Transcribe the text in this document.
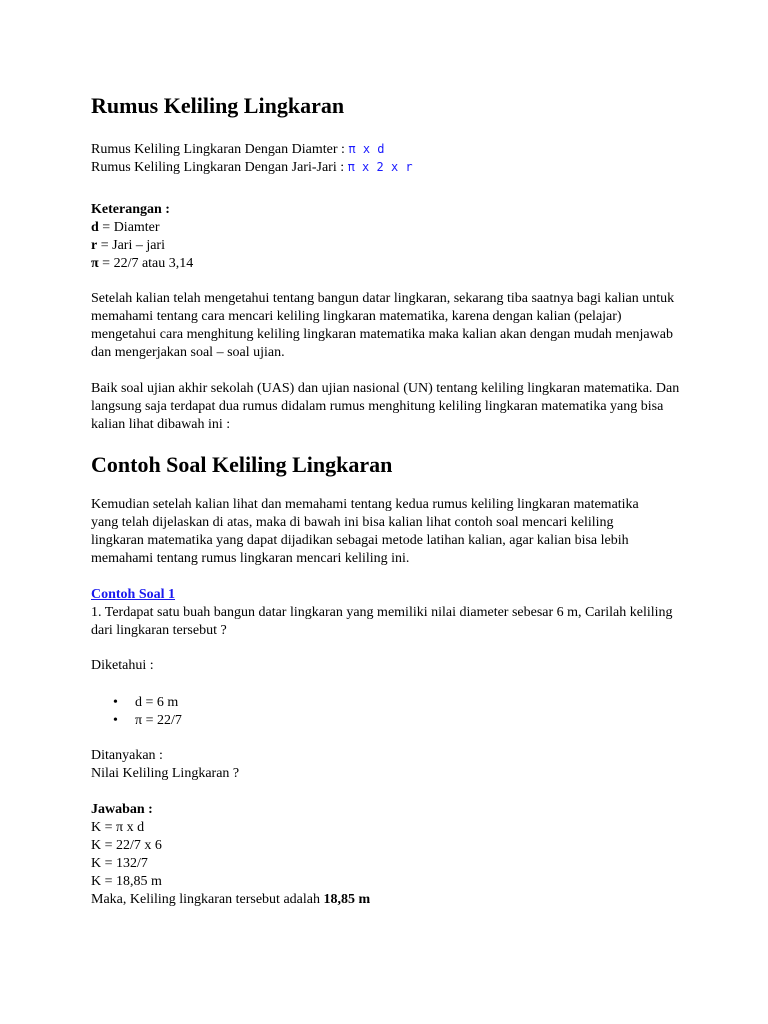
Rumus Keliling Lingkaran
Rumus Keliling Lingkaran Dengan Diamter : π x d
Rumus Keliling Lingkaran Dengan Jari-Jari : π x 2 x r
Keterangan :
d = Diamter
r = Jari – jari
π = 22/7 atau 3,14
Setelah kalian telah mengetahui tentang bangun datar lingkaran, sekarang tiba saatnya bagi kalian untuk memahami tentang cara mencari keliling lingkaran matematika, karena dengan kalian (pelajar) mengetahui cara menghitung keliling lingkaran matematika maka kalian akan dengan mudah menjawab dan mengerjakan soal – soal ujian.
Baik soal ujian akhir sekolah (UAS) dan ujian nasional (UN) tentang keliling lingkaran matematika. Dan langsung saja terdapat dua rumus didalam rumus menghitung keliling lingkaran matematika yang bisa kalian lihat dibawah ini :
Contoh Soal Keliling Lingkaran
Kemudian setelah kalian lihat dan memahami tentang kedua rumus keliling lingkaran matematika yang telah dijelaskan di atas, maka di bawah ini bisa kalian lihat contoh soal mencari keliling lingkaran matematika yang dapat dijadikan sebagai metode latihan kalian, agar kalian bisa lebih memahami tentang rumus lingkaran mencari keliling ini.
Contoh Soal 1
1. Terdapat satu buah bangun datar lingkaran yang memiliki nilai diameter sebesar 6 m, Carilah keliling dari lingkaran tersebut ?
Diketahui :
• d = 6 m
• π = 22/7
Ditanyakan :
Nilai Keliling Lingkaran ?
Jawaban :
K = π x d
K = 22/7 x 6
K = 132/7
K = 18,85 m
Maka, Keliling lingkaran tersebut adalah 18,85 m
